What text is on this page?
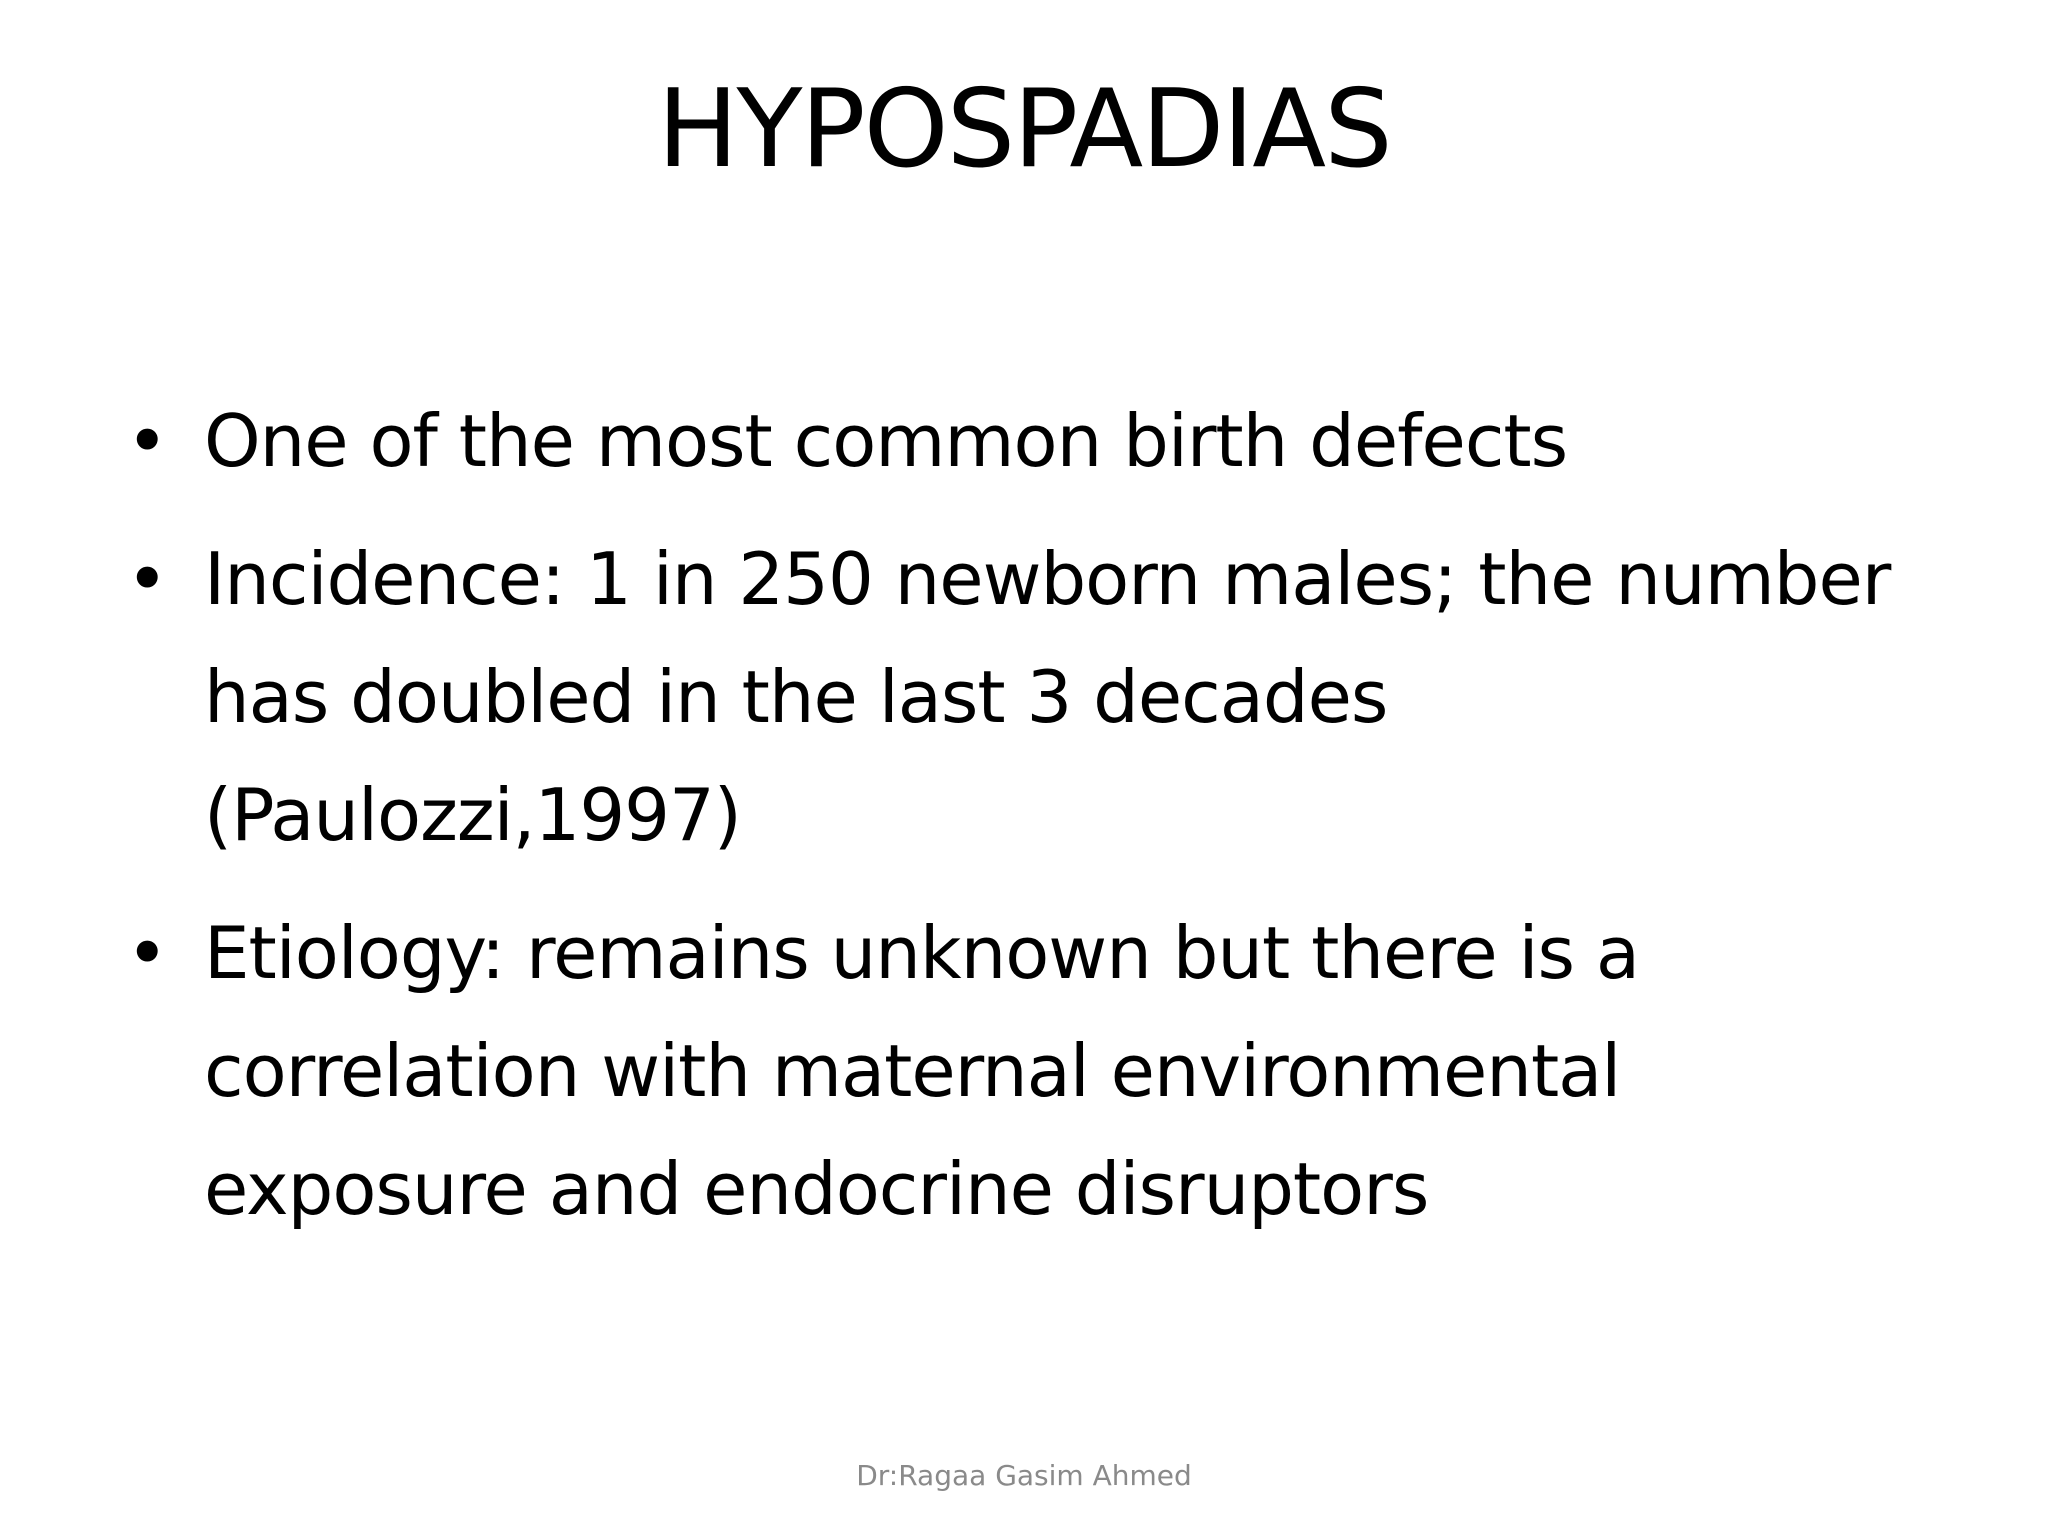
HYPOSPADIAS
• One of the most common birth defects
• Incidence: 1 in 250 newborn males; the number has doubled in the last 3 decades (Paulozzi,1997)
• Etiology: remains unknown but there is a correlation with maternal environmental exposure and endocrine disruptors
Dr:Ragaa Gasim Ahmed
